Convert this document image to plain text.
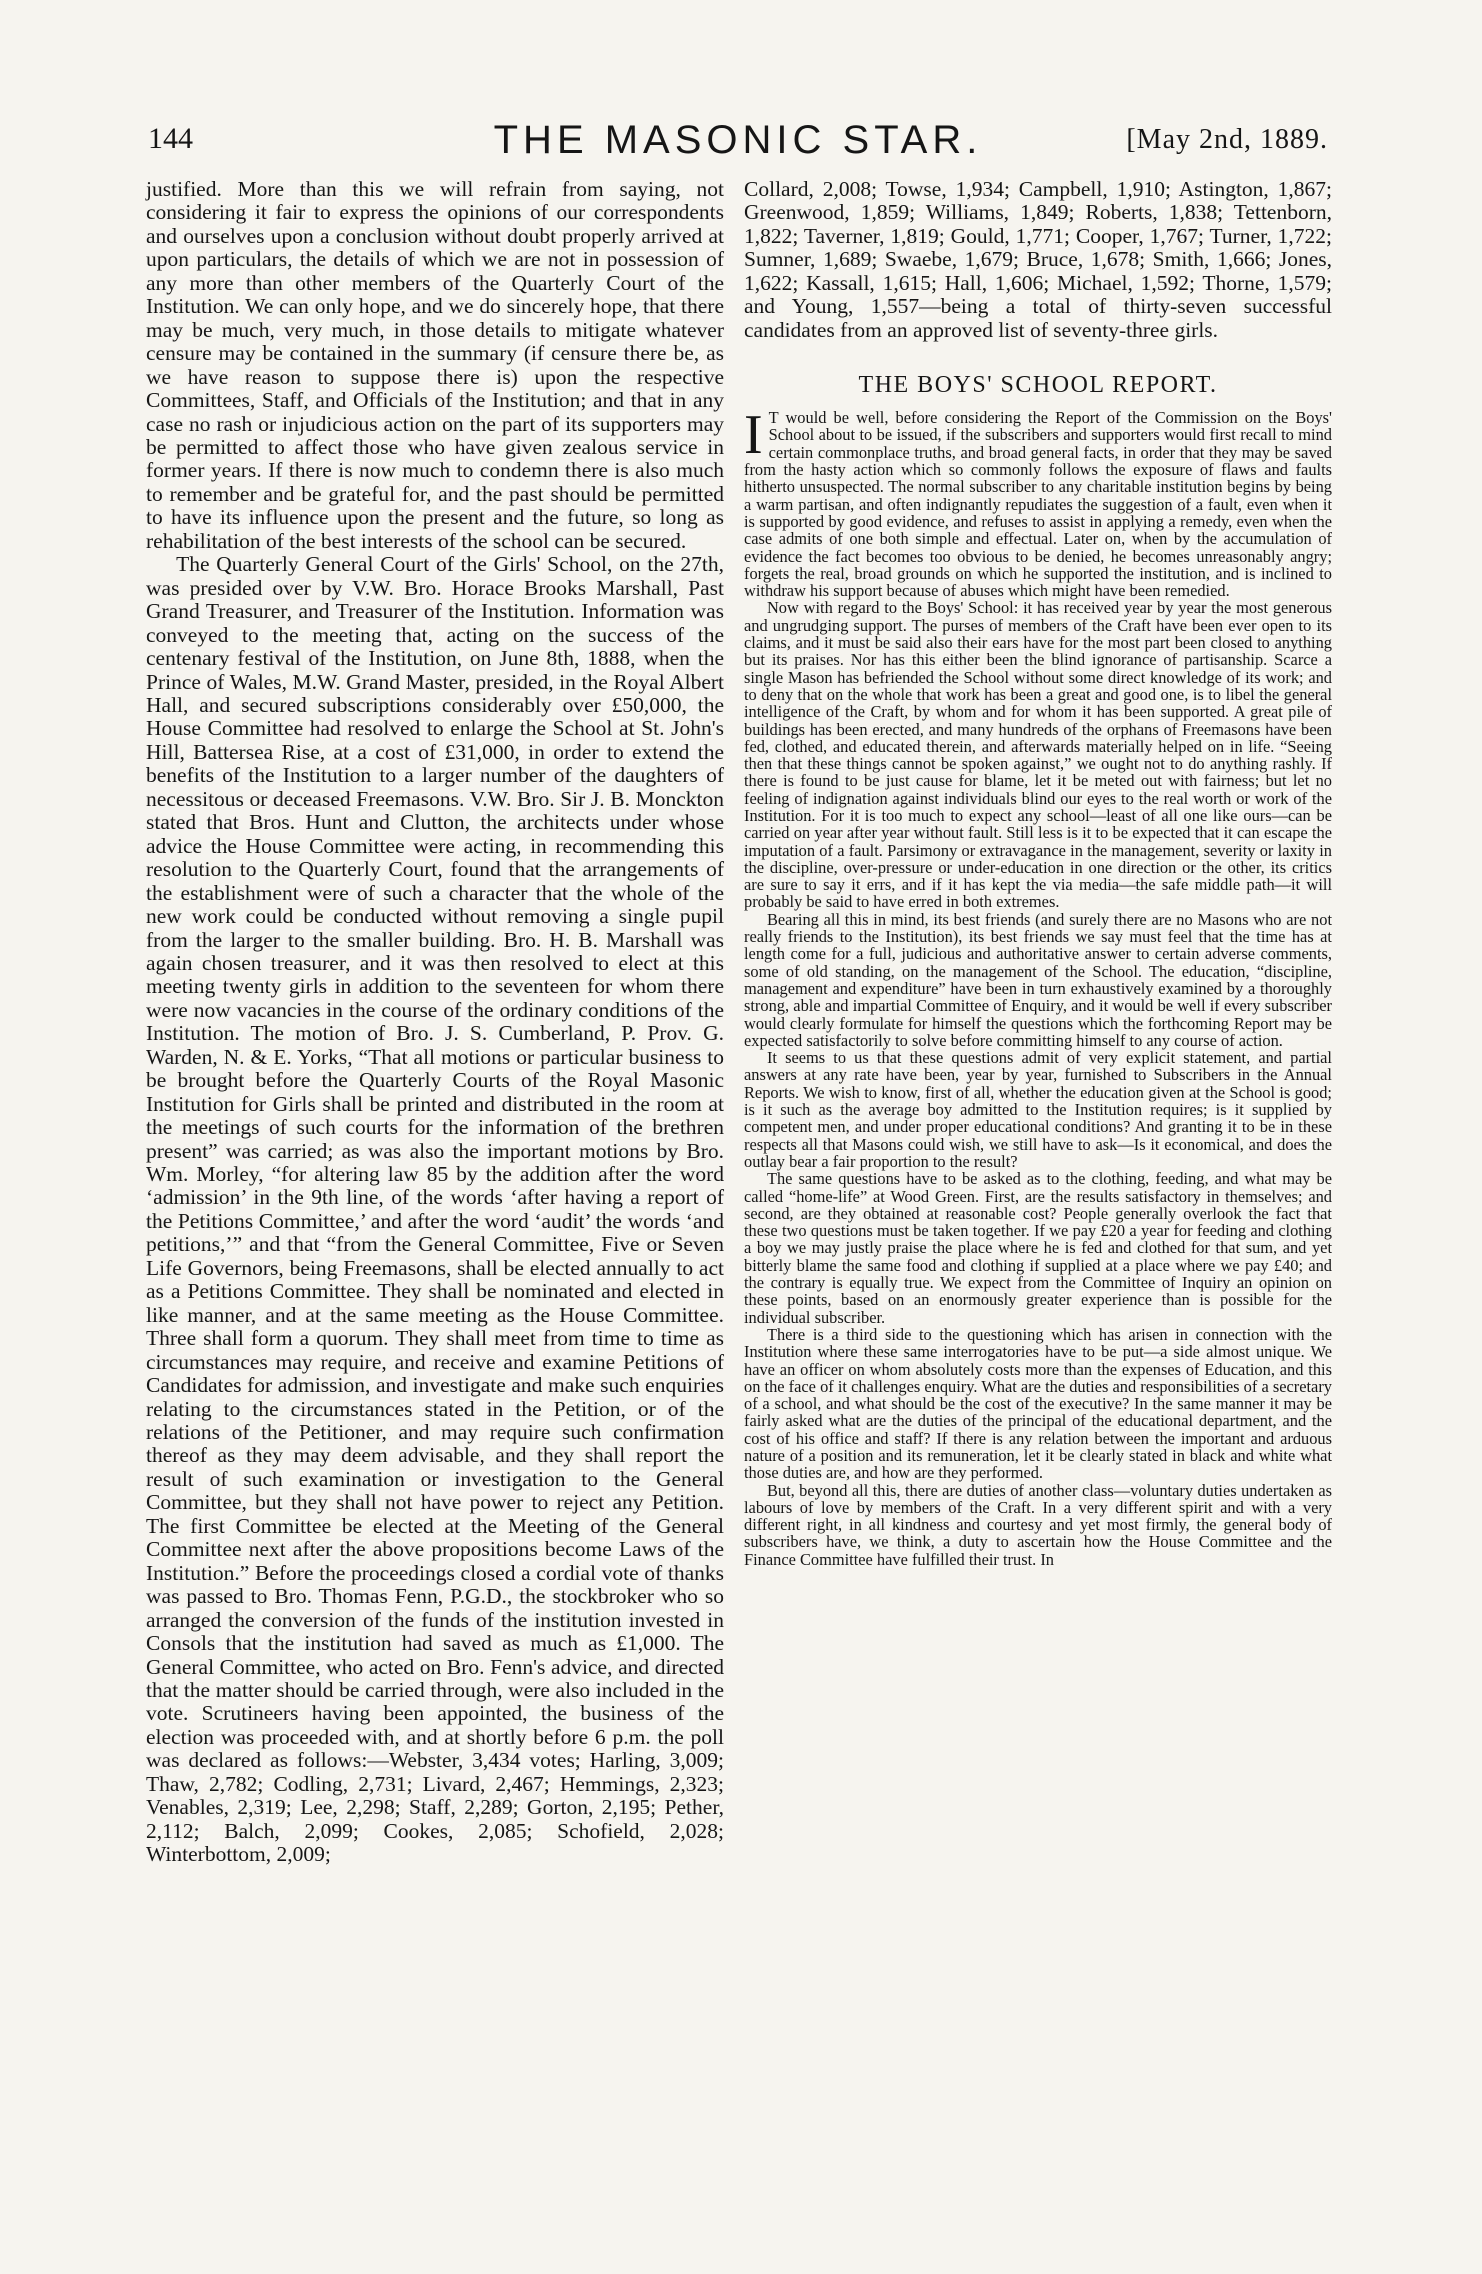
144	THE MASONIC STAR.	[May 2nd, 1889.

justified. More than this we will refrain from saying, not considering it fair to express the opinions of our correspondents and ourselves upon a conclusion without doubt properly arrived at upon particulars, the details of which we are not in possession of any more than other members of the Quarterly Court of the Institution. We can only hope, and we do sincerely hope, that there may be much, very much, in those details to mitigate whatever censure may be contained in the summary (if censure there be, as we have reason to suppose there is) upon the respective Committees, Staff, and Officials of the Institution; and that in any case no rash or injudicious action on the part of its supporters may be permitted to affect those who have given zealous service in former years. If there is now much to condemn there is also much to remember and be grateful for, and the past should be permitted to have its influence upon the present and the future, so long as rehabilitation of the best interests of the school can be secured.

The Quarterly General Court of the Girls' School, on the 27th, was presided over by V.W. Bro. Horace Brooks Marshall, Past Grand Treasurer, and Treasurer of the Institution. Information was conveyed to the meeting that, acting on the success of the centenary festival of the Institution, on June 8th, 1888, when the Prince of Wales, M.W. Grand Master, presided, in the Royal Albert Hall, and secured subscriptions considerably over £50,000, the House Committee had resolved to enlarge the School at St. John's Hill, Battersea Rise, at a cost of £31,000, in order to extend the benefits of the Institution to a larger number of the daughters of necessitous or deceased Freemasons. V.W. Bro. Sir J. B. Monckton stated that Bros. Hunt and Clutton, the architects under whose advice the House Committee were acting, in recommending this resolution to the Quarterly Court, found that the arrangements of the establishment were of such a character that the whole of the new work could be conducted without removing a single pupil from the larger to the smaller building. Bro. H. B. Marshall was again chosen treasurer, and it was then resolved to elect at this meeting twenty girls in addition to the seventeen for whom there were now vacancies in the course of the ordinary conditions of the Institution. The motion of Bro. J. S. Cumberland, P. Prov. G. Warden, N. & E. Yorks, “That all motions or particular business to be brought before the Quarterly Courts of the Royal Masonic Institution for Girls shall be printed and distributed in the room at the meetings of such courts for the information of the brethren present” was carried; as was also the important motions by Bro. Wm. Morley, “for altering law 85 by the addition after the word ‘admission’ in the 9th line, of the words ‘after having a report of the Petitions Committee,’ and after the word ‘audit’ the words ‘and petitions,’” and that “from the General Committee, Five or Seven Life Governors, being Freemasons, shall be elected annually to act as a Petitions Committee. They shall be nominated and elected in like manner, and at the same meeting as the House Committee. Three shall form a quorum. They shall meet from time to time as circumstances may require, and receive and examine Petitions of Candidates for admission, and investigate and make such enquiries relating to the circumstances stated in the Petition, or of the relations of the Petitioner, and may require such confirmation thereof as they may deem advisable, and they shall report the result of such examination or investigation to the General Committee, but they shall not have power to reject any Petition. The first Committee be elected at the Meeting of the General Committee next after the above propositions become Laws of the Institution.” Before the proceedings closed a cordial vote of thanks was passed to Bro. Thomas Fenn, P.G.D., the stockbroker who so arranged the conversion of the funds of the institution invested in Consols that the institution had saved as much as £1,000. The General Committee, who acted on Bro. Fenn's advice, and directed that the matter should be carried through, were also included in the vote. Scrutineers having been appointed, the business of the election was proceeded with, and at shortly before 6 p.m. the poll was declared as follows:—Webster, 3,434 votes; Harling, 3,009; Thaw, 2,782; Codling, 2,731; Livard, 2,467; Hemmings, 2,323; Venables, 2,319; Lee, 2,298; Staff, 2,289; Gorton, 2,195; Pether, 2,112; Balch, 2,099; Cookes, 2,085; Schofield, 2,028; Winterbottom, 2,009;

Collard, 2,008; Towse, 1,934; Campbell, 1,910; Astington, 1,867; Greenwood, 1,859; Williams, 1,849; Roberts, 1,838; Tettenborn, 1,822; Taverner, 1,819; Gould, 1,771; Cooper, 1,767; Turner, 1,722; Sumner, 1,689; Swaebe, 1,679; Bruce, 1,678; Smith, 1,666; Jones, 1,622; Kassall, 1,615; Hall, 1,606; Michael, 1,592; Thorne, 1,579; and Young, 1,557—being a total of thirty-seven successful candidates from an approved list of seventy-three girls.

THE BOYS' SCHOOL REPORT.

I T would be well, before considering the Report of the Commission on the Boys' School about to be issued, if the subscribers and supporters would first recall to mind certain commonplace truths, and broad general facts, in order that they may be saved from the hasty action which so commonly follows the exposure of flaws and faults hitherto unsuspected. The normal subscriber to any charitable institution begins by being a warm partisan, and often indignantly repudiates the suggestion of a fault, even when it is supported by good evidence, and refuses to assist in applying a remedy, even when the case admits of one both simple and effectual. Later on, when by the accumulation of evidence the fact becomes too obvious to be denied, he becomes unreasonably angry; forgets the real, broad grounds on which he supported the institution, and is inclined to withdraw his support because of abuses which might have been remedied.

Now with regard to the Boys' School: it has received year by year the most generous and ungrudging support. The purses of members of the Craft have been ever open to its claims, and it must be said also their ears have for the most part been closed to anything but its praises. Nor has this either been the blind ignorance of partisanship. Scarce a single Mason has befriended the School without some direct knowledge of its work; and to deny that on the whole that work has been a great and good one, is to libel the general intelligence of the Craft, by whom and for whom it has been supported. A great pile of buildings has been erected, and many hundreds of the orphans of Freemasons have been fed, clothed, and educated therein, and afterwards materially helped on in life. “Seeing then that these things cannot be spoken against,” we ought not to do anything rashly. If there is found to be just cause for blame, let it be meted out with fairness; but let no feeling of indignation against individuals blind our eyes to the real worth or work of the Institution. For it is too much to expect any school—least of all one like ours—can be carried on year after year without fault. Still less is it to be expected that it can escape the imputation of a fault. Parsimony or extravagance in the management, severity or laxity in the discipline, over-pressure or under-education in one direction or the other, its critics are sure to say it errs, and if it has kept the via media—the safe middle path—it will probably be said to have erred in both extremes.

Bearing all this in mind, its best friends (and surely there are no Masons who are not really friends to the Institution), its best friends we say must feel that the time has at length come for a full, judicious and authoritative answer to certain adverse comments, some of old standing, on the management of the School. The education, “discipline, management and expenditure” have been in turn exhaustively examined by a thoroughly strong, able and impartial Committee of Enquiry, and it would be well if every subscriber would clearly formulate for himself the questions which the forthcoming Report may be expected satisfactorily to solve before committing himself to any course of action.

It seems to us that these questions admit of very explicit statement, and partial answers at any rate have been, year by year, furnished to Subscribers in the Annual Reports. We wish to know, first of all, whether the education given at the School is good; is it such as the average boy admitted to the Institution requires; is it supplied by competent men, and under proper educational conditions? And granting it to be in these respects all that Masons could wish, we still have to ask—Is it economical, and does the outlay bear a fair proportion to the result?

The same questions have to be asked as to the clothing, feeding, and what may be called “home-life” at Wood Green. First, are the results satisfactory in themselves; and second, are they obtained at reasonable cost? People generally overlook the fact that these two questions must be taken together. If we pay £20 a year for feeding and clothing a boy we may justly praise the place where he is fed and clothed for that sum, and yet bitterly blame the same food and clothing if supplied at a place where we pay £40; and the contrary is equally true. We expect from the Committee of Inquiry an opinion on these points, based on an enormously greater experience than is possible for the individual subscriber.

There is a third side to the questioning which has arisen in connection with the Institution where these same interrogatories have to be put—a side almost unique. We have an officer on whom absolutely costs more than the expenses of Education, and this on the face of it challenges enquiry. What are the duties and responsibilities of a secretary of a school, and what should be the cost of the executive? In the same manner it may be fairly asked what are the duties of the principal of the educational department, and the cost of his office and staff? If there is any relation between the important and arduous nature of a position and its remuneration, let it be clearly stated in black and white what those duties are, and how are they performed.

But, beyond all this, there are duties of another class—voluntary duties undertaken as labours of love by members of the Craft. In a very different spirit and with a very different right, in all kindness and courtesy and yet most firmly, the general body of subscribers have, we think, a duty to ascertain how the House Committee and the Finance Committee have fulfilled their trust. In
